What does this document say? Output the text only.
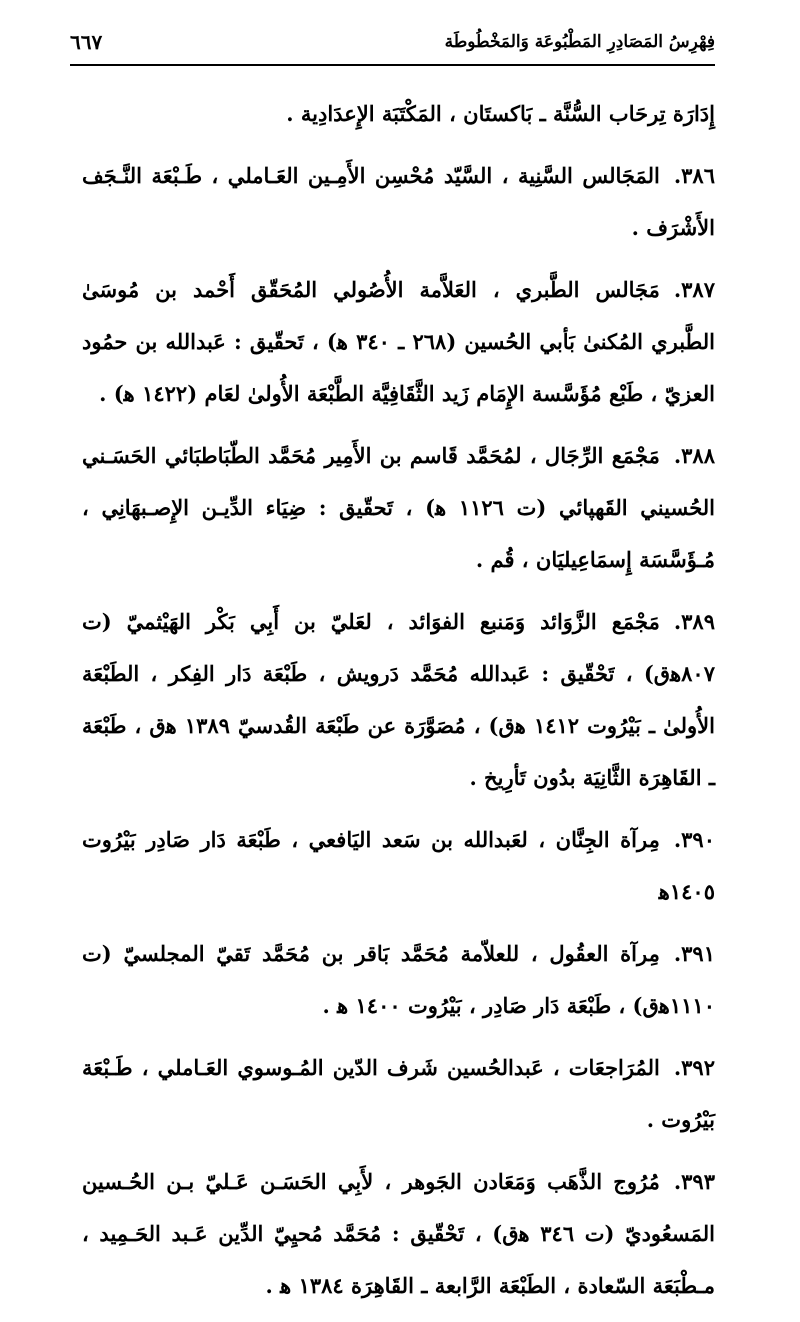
فِهْرِسُ المَصَادِرِ المَطْبُوعَة وَالمَخْطُوطَة
٦٦٧

إِدَارَة تِرحَاب السُّنَّة ـ بَاكستَان ، المَكْتَبَة الإِعدَادِية .

٣٨٦.المَجَالس السَّنِية ، السَّيّد مُحْسِن الأَمِـين العَـاملي ، طَـبْعَة النَّـجَف الأَشْرَف .

٣٨٧.مَجَالس الطَّبري ، العَلاَّمة الأُصُولي المُحَقّق أَحْمد بن مُوسَىٰ الطَّبري المُكنىٰ بَأبي الحُسين (٢٦٨ ـ ٣٤٠ ﻫ) ، تَحقّيق : عَبدالله بن حمُود العزيّ ، طَبْع مُؤَسَّسة الإِمَام زَيد الثَّقَافِيَّة الطَّبْعَة الأُولىٰ لعَام (١٤٢٢ ﻫ) .

٣٨٨.مَجْمَع الرِّجَال ، لمُحَمَّد قَاسم بن الأَمِير مُحَمَّد الطّبَاطبَائي الحَسَـني الحُسيني القَهپائي (ت ١١٢٦ ﻫ) ، تَحقّيق : ضِيَاء الدِّيـن الإِصـبهَانِي ، مُـؤَسَّسَة إِسمَاعِيليَان ، قُم .

٣٨٩.مَجْمَع الزَّوَائد وَمَنبع الفوَائد ، لعَليّ بن أَبِي بَكْر الهَيْثميّ (ت ٨٠٧ﻫق) ، تَحْقّيق : عَبدالله مُحَمَّد دَرويش ، طَبْعَة دَار الفِكر ، الطَبْعَة الأُولىٰ ـ بَيْرُوت ١٤١٢ ﻫق) ، مُصَوَّرَة عن طَبْعَة القُدسيّ ١٣٨٩ ﻫق ، طَبْعَة ـ القَاهِرَة الثَّانِيَة بدُون تَأرِيخ .

٣٩٠.مِرآة الجِنَّان ، لعَبدالله بن سَعد اليَافعي ، طَبْعَة دَار صَادِر بَيْرُوت ١٤٠٥ﻫ

٣٩١.مِرآة العقُول ، للعلاّمة مُحَمَّد بَاقر بن مُحَمَّد تَقيّ المجلسيّ (ت ١١١٠ﻫق) ، طَبْعَة دَار صَادِر ، بَيْرُوت ١٤٠٠ ﻫ .

٣٩٢.المُرَاجعَات ، عَبدالحُسين شَرف الدّين المُـوسوي العَـاملي ، طَـبْعَة بَيْرُوت .

٣٩٣.مُرُوج الذَّهَب وَمَعَادن الجَوهر ، لأَبِي الحَسَـن عَـليّ بـن الحُـسين المَسعُوديّ (ت ٣٤٦ ﻫق) ، تَحْقّيق : مُحَمَّد مُحيِيّ الدِّين عَـبد الحَـمِيد ، مـطْبَعَة السّعادة ، الطَبْعَة الرَّابعة ـ القَاهِرَة ١٣٨٤ ﻫ .
